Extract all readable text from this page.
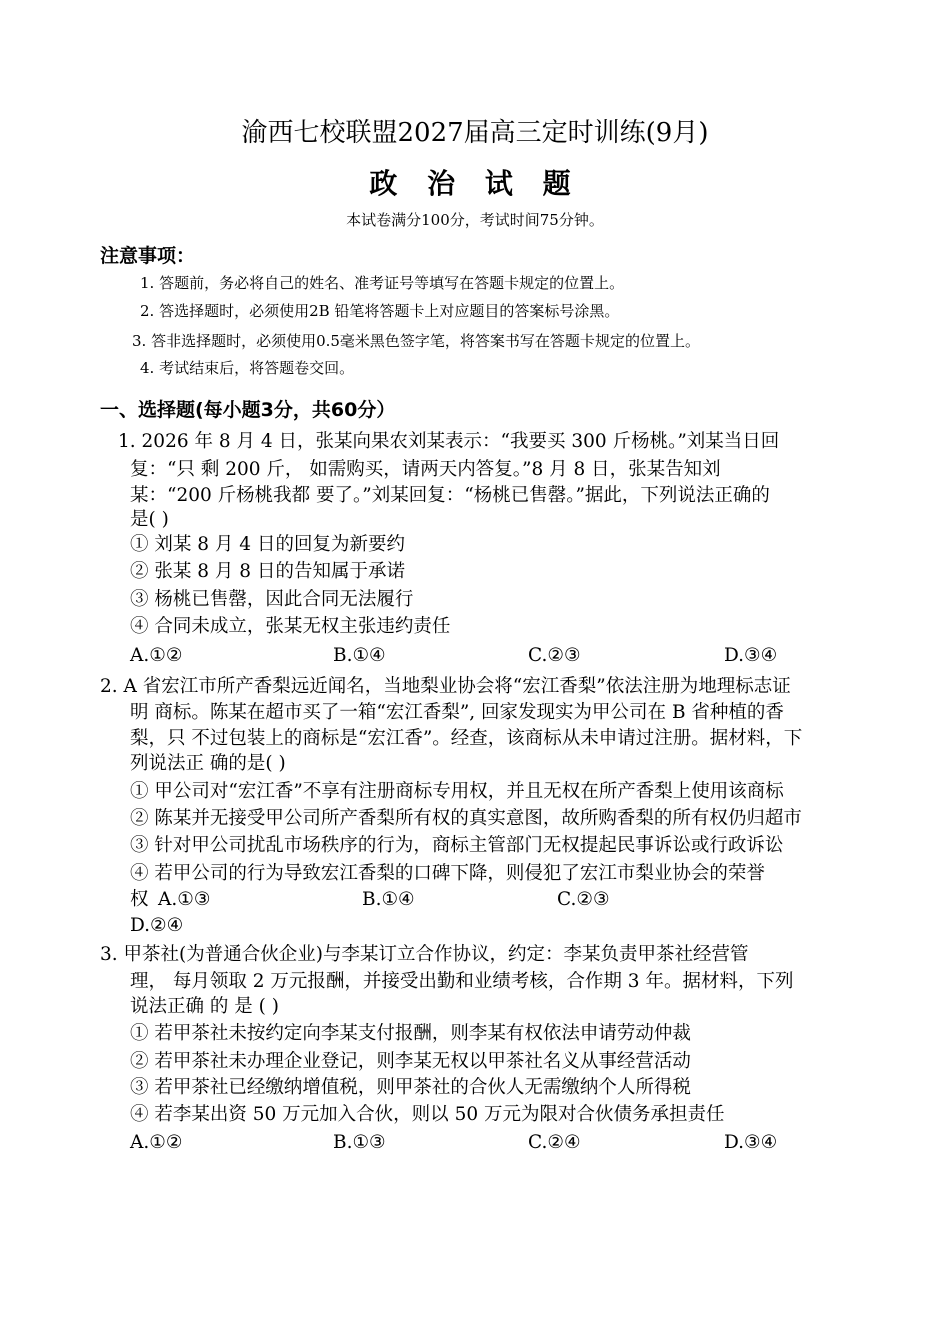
渝西七校联盟2027届高三定时训练(9月)
政 治 试 题
本试卷满分100分，考试时间75分钟。
注意事项：
1. 答题前，务必将自己的姓名、准考证号等填写在答题卡规定的位置上。
2. 答选择题时，必须使用2B 铅笔将答题卡上对应题目的答案标号涂黑。
3. 答非选择题时，必须使用0.5毫米黑色签字笔，将答案书写在答题卡规定的位置上。
4. 考试结束后，将答题卷交回。
一、选择题(每小题3分，共60分）
1. 2026 年 8 月 4 日，张某向果农刘某表示：“我要买 300 斤杨桃。”刘某当日回
复：“只 剩 200 斤， 如需购买，请两天内答复。”8 月 8 日，张某告知刘
某：“200 斤杨桃我都 要了。”刘某回复：“杨桃已售罄。”据此，下列说法正确的
是( )
① 刘某 8 月 4 日的回复为新要约
② 张某 8 月 8 日的告知属于承诺
③ 杨桃已售罄，因此合同无法履行
④ 合同未成立，张某无权主张违约责任
A.①②	B.①④	C.②③	D.③④
2. A 省宏江市所产香梨远近闻名，当地梨业协会将“宏江香梨”依法注册为地理标志证
明 商标。陈某在超市买了一箱“宏江香梨”, 回家发现实为甲公司在 B 省种植的香
梨，只 不过包装上的商标是“宏江香”。经查，该商标从未申请过注册。据材料，下
列说法正 确的是( )
① 甲公司对“宏江香”不享有注册商标专用权，并且无权在所产香梨上使用该商标
② 陈某并无接受甲公司所产香梨所有权的真实意图，故所购香梨的所有权仍归超市
③ 针对甲公司扰乱市场秩序的行为，商标主管部门无权提起民事诉讼或行政诉讼
④ 若甲公司的行为导致宏江香梨的口碑下降，则侵犯了宏江市梨业协会的荣誉
权 A.①③	B.①④	C.②③
D.②④
3. 甲茶社(为普通合伙企业)与李某订立合作协议，约定：李某负责甲茶社经营管
理， 每月领取 2 万元报酬，并接受出勤和业绩考核，合作期 3 年。据材料，下列
说法正确 的 是 ( )
① 若甲茶社未按约定向李某支付报酬，则李某有权依法申请劳动仲裁
② 若甲茶社未办理企业登记，则李某无权以甲茶社名义从事经营活动
③ 若甲茶社已经缴纳增值税，则甲茶社的合伙人无需缴纳个人所得税
④ 若李某出资 50 万元加入合伙，则以 50 万元为限对合伙债务承担责任
A.①②	B.①③	C.②④	D.③④
